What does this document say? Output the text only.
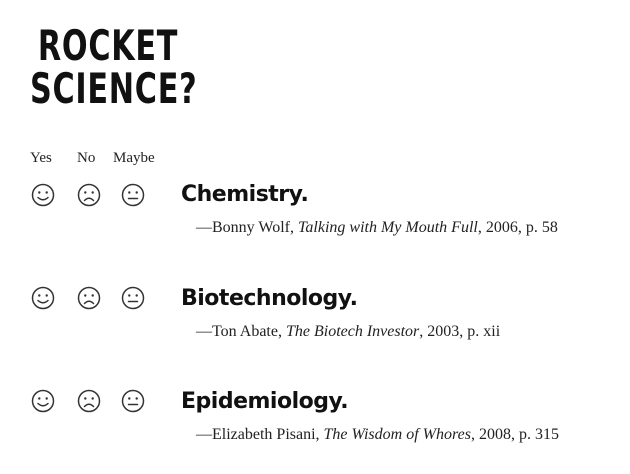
ROCKET
SCIENCE?
Yes No Maybe
Chemistry.
—Bonny Wolf, Talking with My Mouth Full, 2006, p. 58
Biotechnology.
—Ton Abate, The Biotech Investor, 2003, p. xii
Epidemiology.
—Elizabeth Pisani, The Wisdom of Whores, 2008, p. 315
